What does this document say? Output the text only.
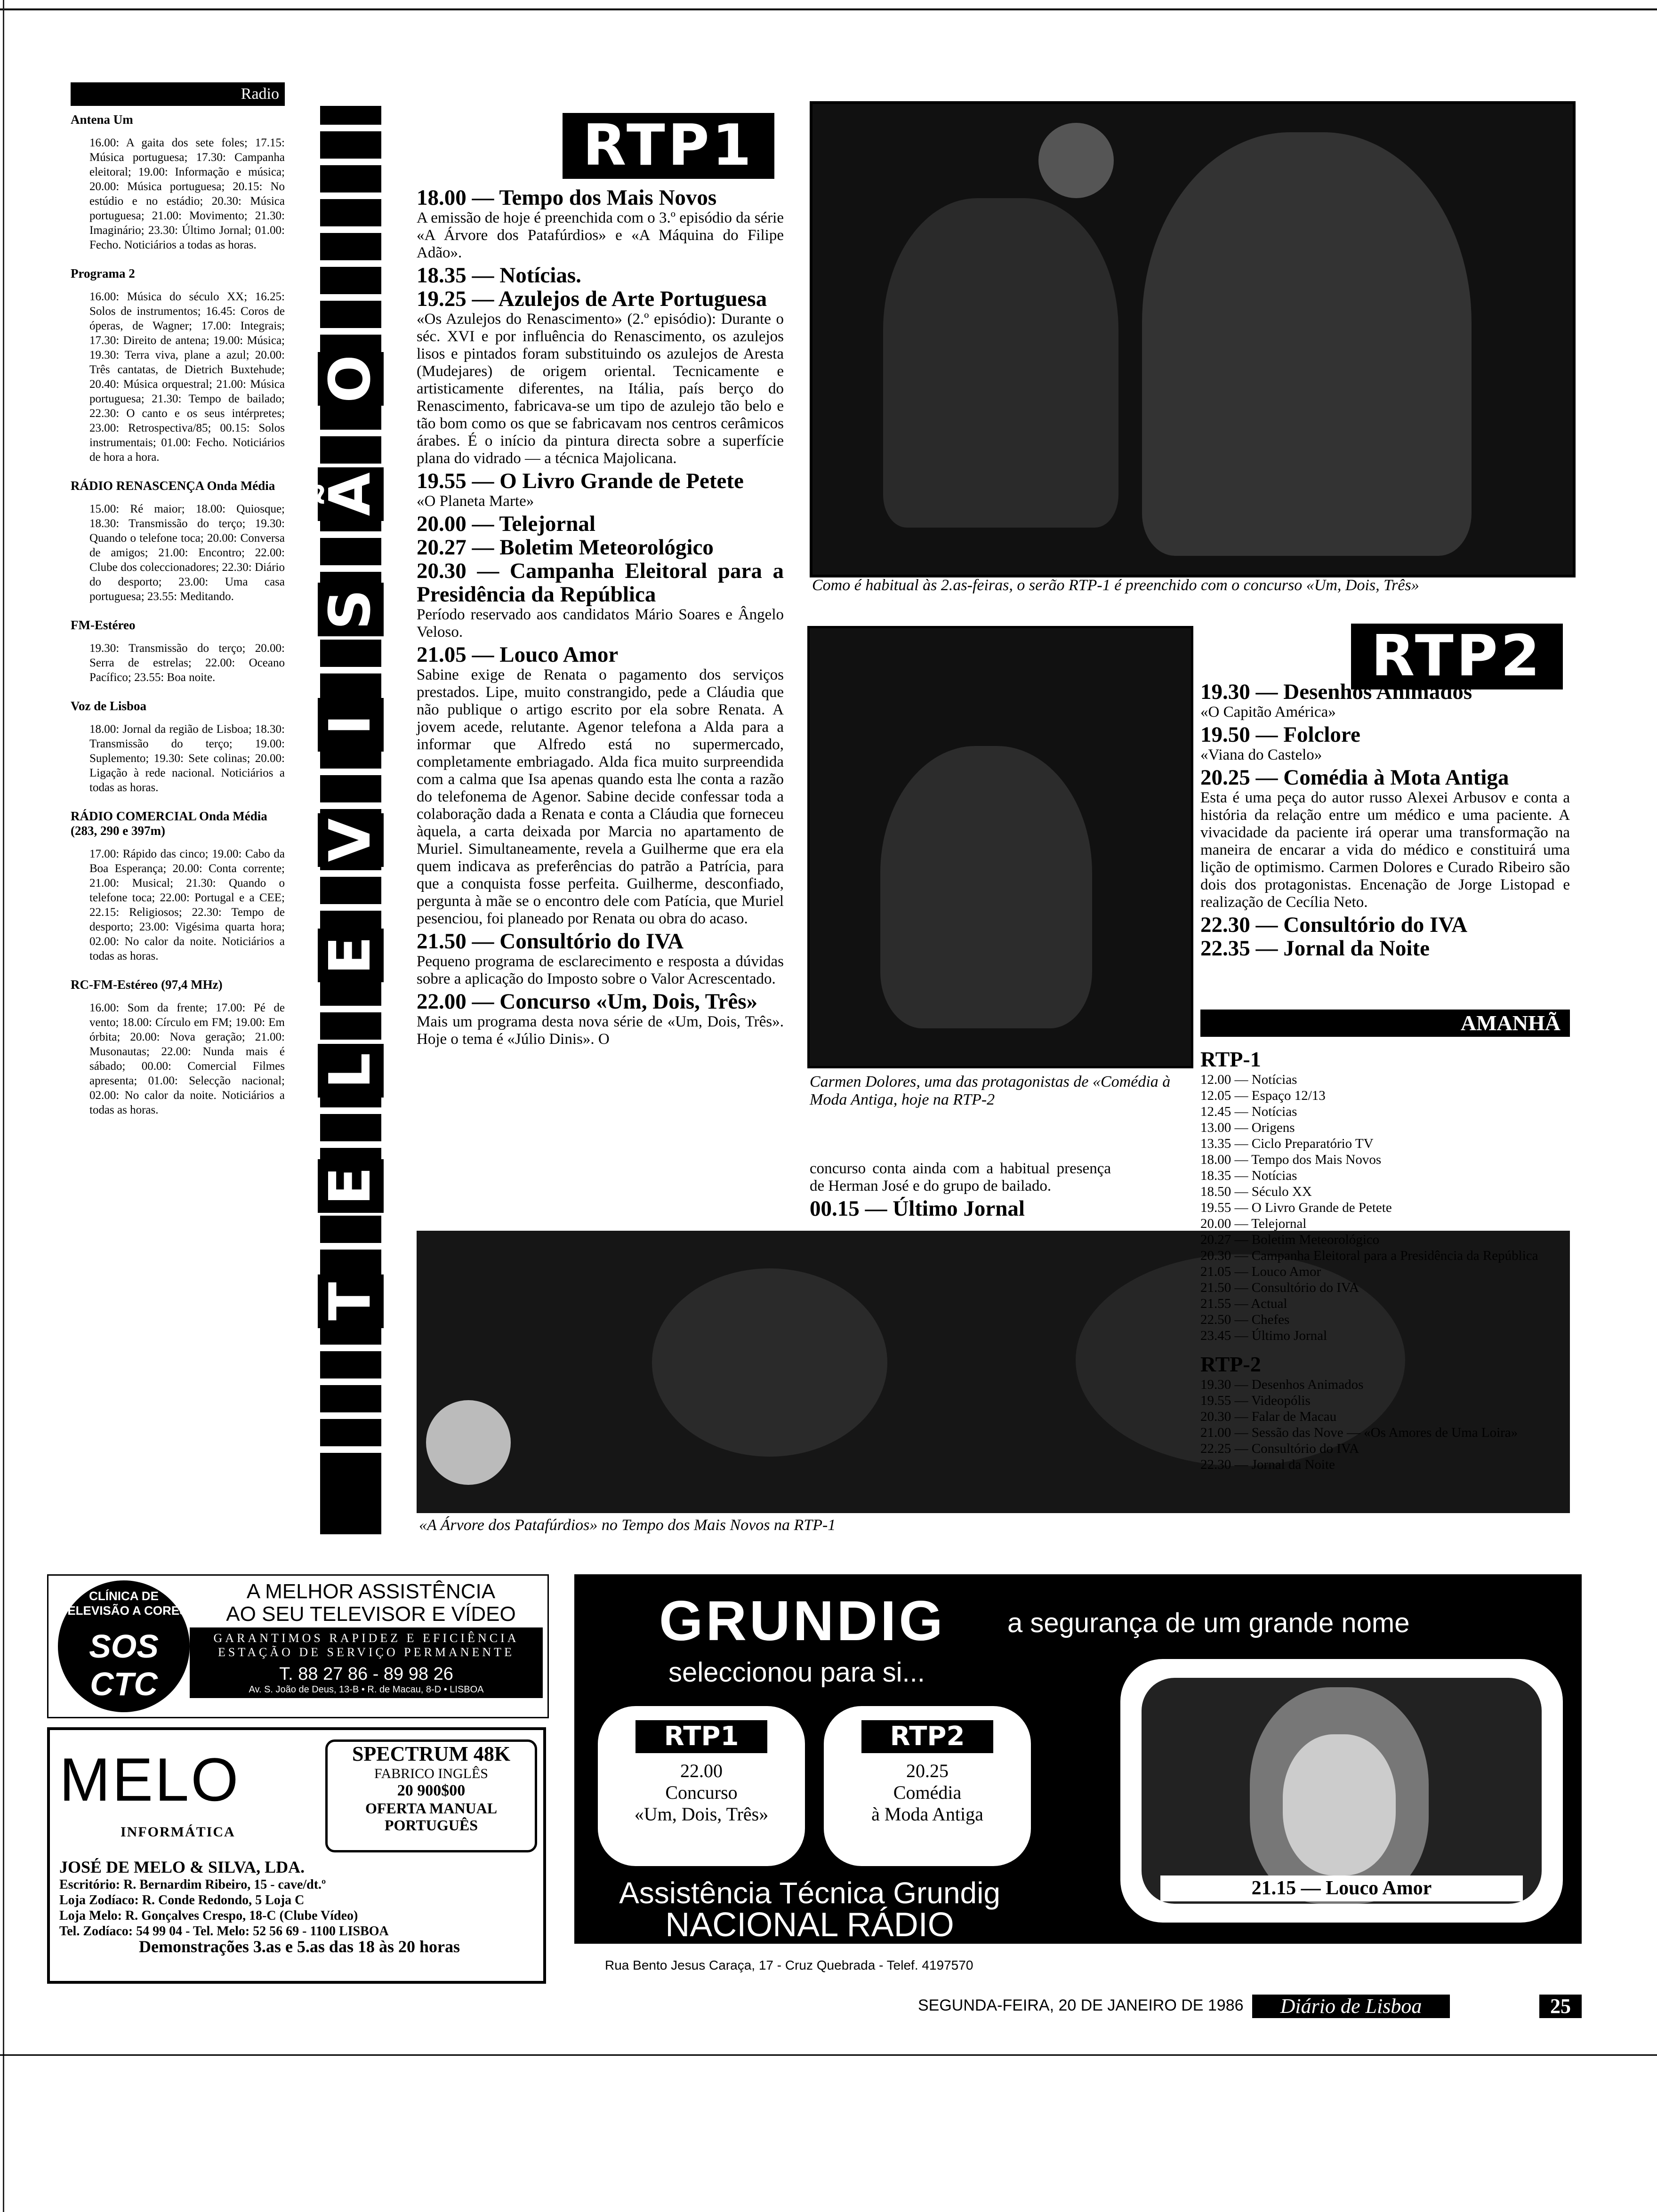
Radio
Antena Um
16.00: A gaita dos sete foles; 17.15: Música portuguesa; 17.30: Campanha eleitoral; 19.00: Informação e música; 20.00: Música portuguesa; 20.15: No estúdio e no estádio; 20.30: Música portuguesa; 21.00: Movimento; 21.30: Imaginário; 23.30: Último Jornal; 01.00: Fecho. Noticiários a todas as horas.
Programa 2
16.00: Música do século XX; 16.25: Solos de instrumentos; 16.45: Coros de óperas, de Wagner; 17.00: Integrais; 17.30: Direito de antena; 19.00: Música; 19.30: Terra viva, plane a azul; 20.00: Três cantatas, de Dietrich Buxtehude; 20.40: Música orquestral; 21.00: Música portuguesa; 21.30: Tempo de bailado; 22.30: O canto e os seus intérpretes; 23.00: Retrospectiva/85; 00.15: Solos instrumentais; 01.00: Fecho. Noticiários de hora a hora.
RÁDIO RENASCENÇA Onda Média
15.00: Ré maior; 18.00: Quiosque; 18.30: Transmissão do terço; 19.30: Quando o telefone toca; 20.00: Conversa de amigos; 21.00: Encontro; 22.00: Clube dos coleccionadores; 22.30: Diário do desporto; 23.00: Uma casa portuguesa; 23.55: Meditando.
FM-Estéreo
19.30: Transmissão do terço; 20.00: Serra de estrelas; 22.00: Oceano Pacífico; 23.55: Boa noite.
Voz de Lisboa
18.00: Jornal da região de Lisboa; 18.30: Transmissão do terço; 19.00: Suplemento; 19.30: Sete colinas; 20.00: Ligação à rede nacional. Noticiários a todas as horas.
RÁDIO COMERCIAL Onda Média (283, 290 e 397m)
17.00: Rápido das cinco; 19.00: Cabo da Boa Esperança; 20.00: Conta corrente; 21.00: Musical; 21.30: Quando o telefone toca; 22.00: Portugal e a CEE; 22.15: Religiosos; 22.30: Tempo de desporto; 23.00: Vigésima quarta hora; 02.00: No calor da noite. Noticiários a todas as horas.
RC-FM-Estéreo (97,4 MHz)
16.00: Som da frente; 17.00: Pé de vento; 18.00: Círculo em FM; 19.00: Em órbita; 20.00: Nova geração; 21.00: Musonautas; 22.00: Nunda mais é sábado; 00.00: Comercial Filmes apresenta; 01.00: Selecção nacional; 02.00: No calor da noite. Noticiários a todas as horas.
T
E
L
E
V
I
S
Ã
O
RTP1
18.00 — Tempo dos Mais Novos
A emissão de hoje é preenchida com o 3.º episódio da série «A Árvore dos Patafúrdios» e «A Máquina do Filipe Adão».
18.35 — Notícias.
19.25 — Azulejos de Arte Portuguesa
«Os Azulejos do Renascimento» (2.º episódio): Durante o séc. XVI e por influência do Renascimento, os azulejos lisos e pintados foram substituindo os azulejos de Aresta (Mudejares) de origem oriental. Tecnicamente e artisticamente diferentes, na Itália, país berço do Renascimento, fabricava-se um tipo de azulejo tão belo e tão bom como os que se fabricavam nos centros cerâmicos árabes. É o início da pintura directa sobre a superfície plana do vidrado — a técnica Majolicana.
19.55 — O Livro Grande de Petete
«O Planeta Marte»
20.00 — Telejornal
20.27 — Boletim Meteorológico
20.30 — Campanha Eleitoral para a Presidência da República
Período reservado aos candidatos Mário Soares e Ângelo Veloso.
21.05 — Louco Amor
Sabine exige de Renata o pagamento dos serviços prestados. Lipe, muito constrangido, pede a Cláudia que não publique o artigo escrito por ela sobre Renata. A jovem acede, relutante. Agenor telefona a Alda para a informar que Alfredo está no supermercado, completamente embriagado. Alda fica muito surpreendida com a calma que Isa apenas quando esta lhe conta a razão do telefonema de Agenor. Sabine decide confessar toda a colaboração dada a Renata e conta a Cláudia que forneceu àquela, a carta deixada por Marcia no apartamento de Muriel. Simultaneamente, revela a Guilherme que era ela quem indicava as preferências do patrão a Patrícia, para que a conquista fosse perfeita. Guilherme, desconfiado, pergunta à mãe se o encontro dele com Patícia, que Muriel pesenciou, foi planeado por Renata ou obra do acaso.
21.50 — Consultório do IVA
Pequeno programa de esclarecimento e resposta a dúvidas sobre a aplicação do Imposto sobre o Valor Acrescentado.
22.00 — Concurso «Um, Dois, Três»
Mais um programa desta nova série de «Um, Dois, Três». Hoje o tema é «Júlio Dinis». O
concurso conta ainda com a habitual presença de Herman José e do grupo de bailado.
00.15 — Último Jornal
Como é habitual às 2.as-feiras, o serão RTP-1 é preenchido com o concurso «Um, Dois, Três»
Carmen Dolores, uma das protagonistas de «Comédia à Moda Antiga, hoje na RTP-2
«A Árvore dos Patafúrdios» no Tempo dos Mais Novos na RTP-1
RTP2
19.30 — Desenhos Animados
«O Capitão América»
19.50 — Folclore
«Viana do Castelo»
20.25 — Comédia à Mota Antiga
Esta é uma peça do autor russo Alexei Arbusov e conta a história da relação entre um médico e uma paciente. A vivacidade da paciente irá operar uma transformação na maneira de encarar a vida do médico e constituirá uma lição de optimismo. Carmen Dolores e Curado Ribeiro são dois dos protagonistas. Encenação de Jorge Listopad e realização de Cecília Neto.
22.30 — Consultório do IVA
22.35 — Jornal da Noite
AMANHÃ
RTP-1
12.00 — Notícias
12.05 — Espaço 12/13
12.45 — Notícias
13.00 — Origens
13.35 — Ciclo Preparatório TV
18.00 — Tempo dos Mais Novos
18.35 — Notícias
18.50 — Século XX
19.55 — O Livro Grande de Petete
20.00 — Telejornal
20.27 — Boletim Meteorológico
20.30 — Campanha Eleitoral para a Presidência da República
21.05 — Louco Amor
21.50 — Consultório do IVA
21.55 — Actual
22.50 — Chefes
23.45 — Último Jornal
RTP-2
19.30 — Desenhos Animados
19.55 — Videopólis
20.30 — Falar de Macau
21.00 — Sessão das Nove — «Os Amores de Uma Loira»
22.25 — Consultório do IVA
22.30 — Jornal da Noite
CLÍNICA DE TELEVISÃO A CORES
SOS CTC
A MELHOR ASSISTÊNCIA
AO SEU TELEVISOR E VÍDEO
GARANTIMOS RAPIDEZ E EFICIÊNCIA
ESTAÇÃO DE SERVIÇO PERMANENTE
T. 88 27 86 - 89 98 26
Av. S. João de Deus, 13-B • R. de Macau, 8-D • LISBOA
MELO
INFORMÁTICA
SPECTRUM 48K
FABRICO INGLÊS
20 900$00
OFERTA MANUAL PORTUGUÊS
JOSÉ DE MELO & SILVA, LDA.
Escritório: R. Bernardim Ribeiro, 15 - cave/dt.º
Loja Zodíaco: R. Conde Redondo, 5 Loja C
Loja Melo: R. Gonçalves Crespo, 18-C (Clube Vídeo)
Tel. Zodíaco: 54 99 04 - Tel. Melo: 52 56 69 - 1100 LISBOA
Demonstrações 3.as e 5.as das 18 às 20 horas
GRUNDIG a segurança de um grande nome
seleccionou para si...
RTP1
22.00
Concurso
«Um, Dois, Três»
RTP2
20.25
Comédia
à Moda Antiga
Assistência Técnica Grundig
NACIONAL RÁDIO
21.15 — Louco Amor
Rua Bento Jesus Caraça, 17 - Cruz Quebrada - Telef. 4197570
SEGUNDA-FEIRA, 20 DE JANEIRO DE 1986	Diário de Lisboa	25
